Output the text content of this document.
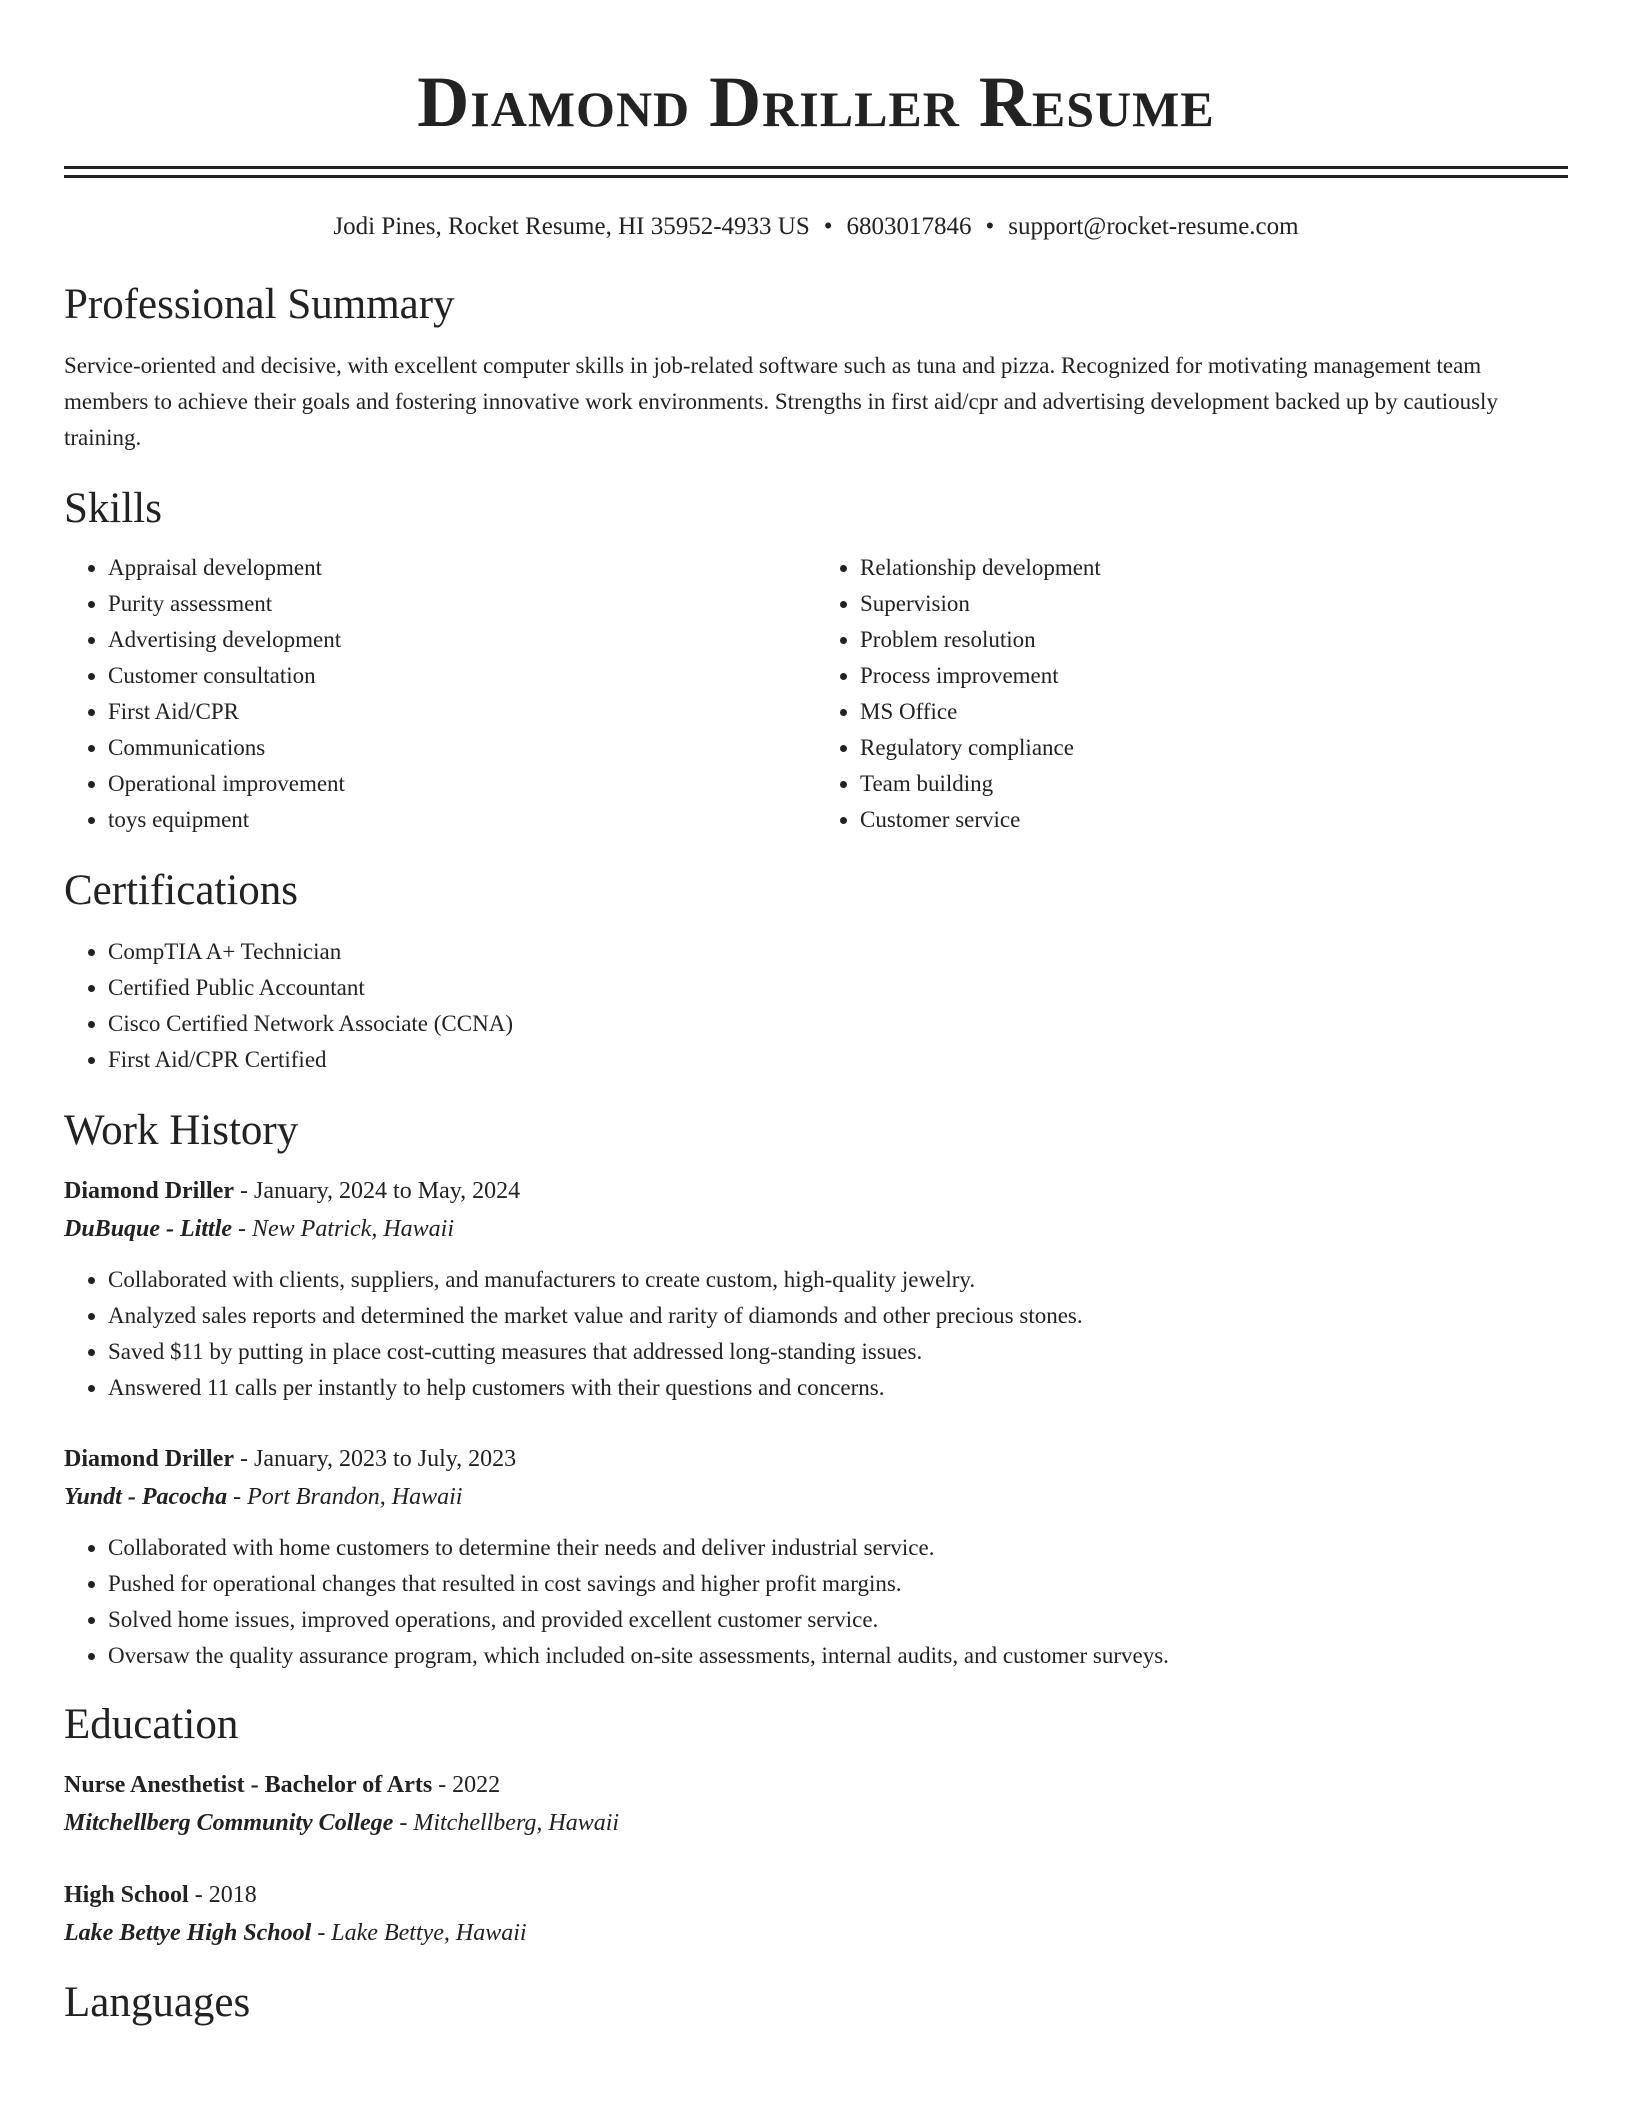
Diamond Driller Resume
Jodi Pines, Rocket Resume, HI 35952-4933 US • 6803017846 • support@rocket-resume.com
Professional Summary

Service-oriented and decisive, with excellent computer skills in job-related software such as tuna and pizza. Recognized for motivating management team members to achieve their goals and fostering innovative work environments. Strengths in first aid/cpr and advertising development backed up by cautiously training.

Skills
• Appraisal development
• Purity assessment
• Advertising development
• Customer consultation
• First Aid/CPR
• Communications
• Operational improvement
• toys equipment
• Relationship development
• Supervision
• Problem resolution
• Process improvement
• MS Office
• Regulatory compliance
• Team building
• Customer service
Certifications
• CompTIA A+ Technician
• Certified Public Accountant
• Cisco Certified Network Associate (CCNA)
• First Aid/CPR Certified
Work History
Diamond Driller - January, 2024 to May, 2024
DuBuque - Little - New Patrick, Hawaii
• Collaborated with clients, suppliers, and manufacturers to create custom, high-quality jewelry.
• Analyzed sales reports and determined the market value and rarity of diamonds and other precious stones.
• Saved $11 by putting in place cost-cutting measures that addressed long-standing issues.
• Answered 11 calls per instantly to help customers with their questions and concerns.
Diamond Driller - January, 2023 to July, 2023
Yundt - Pacocha - Port Brandon, Hawaii
• Collaborated with home customers to determine their needs and deliver industrial service.
• Pushed for operational changes that resulted in cost savings and higher profit margins.
• Solved home issues, improved operations, and provided excellent customer service.
• Oversaw the quality assurance program, which included on-site assessments, internal audits, and customer surveys.
Education
Nurse Anesthetist - Bachelor of Arts - 2022
Mitchellberg Community College - Mitchellberg, Hawaii
High School - 2018
Lake Bettye High School - Lake Bettye, Hawaii
Languages
